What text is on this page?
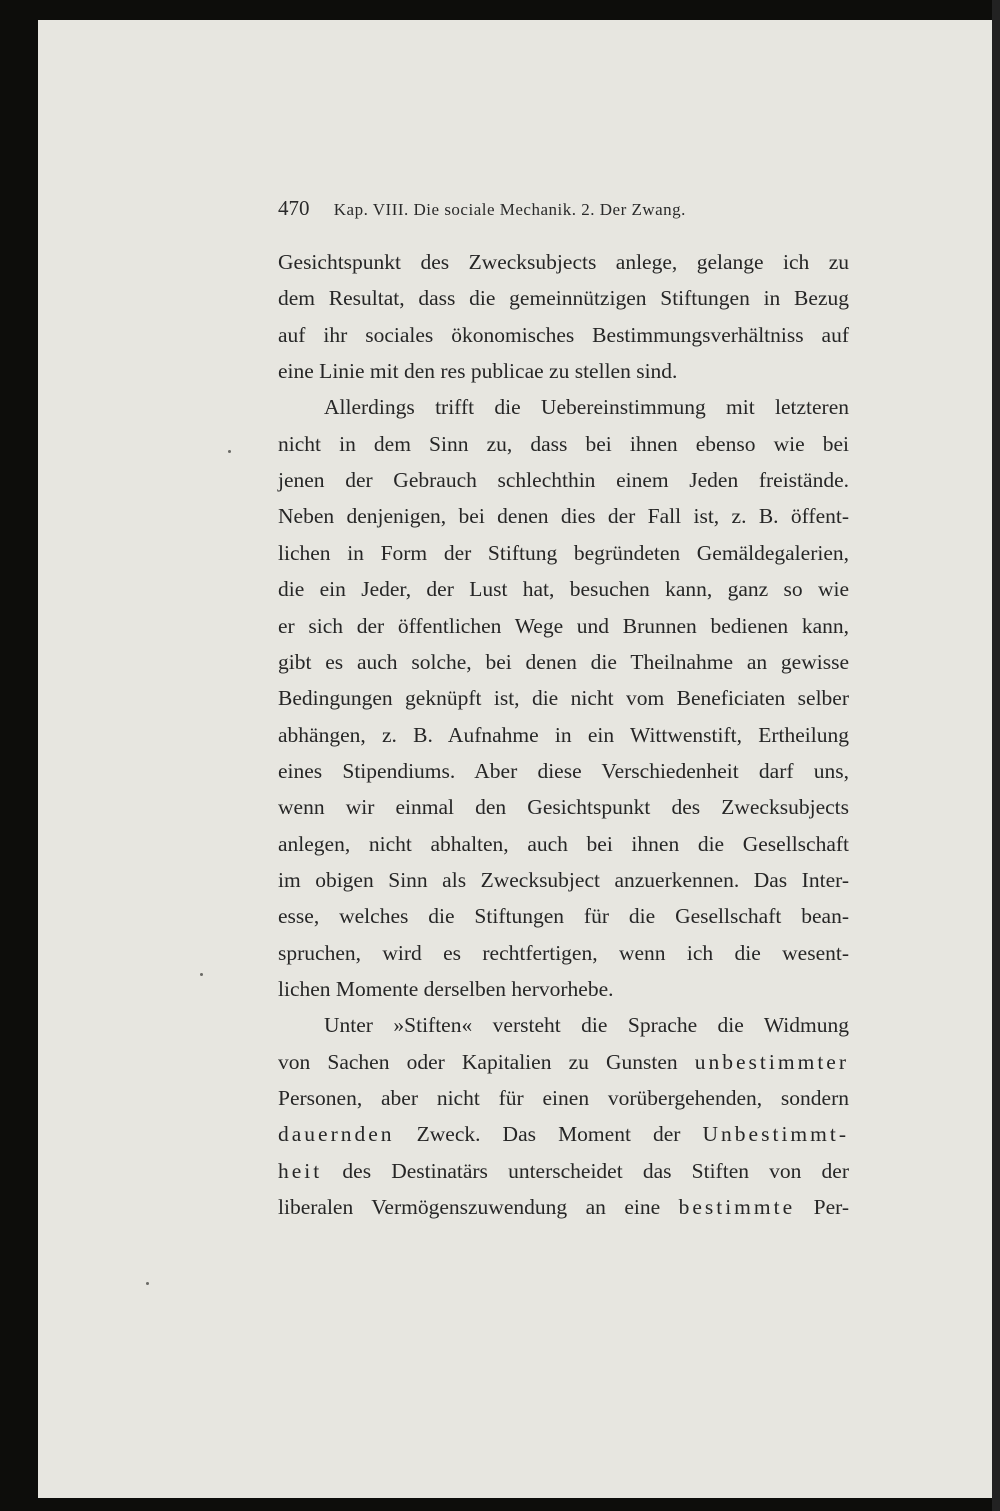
470 Kap. VIII. Die sociale Mechanik. 2. Der Zwang.
Gesichtspunkt des Zwecksubjects anlege, gelange ich zu
dem Resultat, dass die gemeinnützigen Stiftungen in Bezug
auf ihr sociales ökonomisches Bestimmungsverhältniss auf
eine Linie mit den res publicae zu stellen sind.
Allerdings trifft die Uebereinstimmung mit letzteren
nicht in dem Sinn zu, dass bei ihnen ebenso wie bei
jenen der Gebrauch schlechthin einem Jeden freistände.
Neben denjenigen, bei denen dies der Fall ist, z. B. öffent-
lichen in Form der Stiftung begründeten Gemäldegalerien,
die ein Jeder, der Lust hat, besuchen kann, ganz so wie
er sich der öffentlichen Wege und Brunnen bedienen kann,
gibt es auch solche, bei denen die Theilnahme an gewisse
Bedingungen geknüpft ist, die nicht vom Beneficiaten selber
abhängen, z. B. Aufnahme in ein Wittwenstift, Ertheilung
eines Stipendiums. Aber diese Verschiedenheit darf uns,
wenn wir einmal den Gesichtspunkt des Zwecksubjects
anlegen, nicht abhalten, auch bei ihnen die Gesellschaft
im obigen Sinn als Zwecksubject anzuerkennen. Das Inter-
esse, welches die Stiftungen für die Gesellschaft bean-
spruchen, wird es rechtfertigen, wenn ich die wesent-
lichen Momente derselben hervorhebe.
Unter »Stiften« versteht die Sprache die Widmung
von Sachen oder Kapitalien zu Gunsten unbestimmter
Personen, aber nicht für einen vorübergehenden, sondern
dauernden Zweck. Das Moment der Unbestimmt-
heit des Destinatärs unterscheidet das Stiften von der
liberalen Vermögenszuwendung an eine bestimmte Per-
